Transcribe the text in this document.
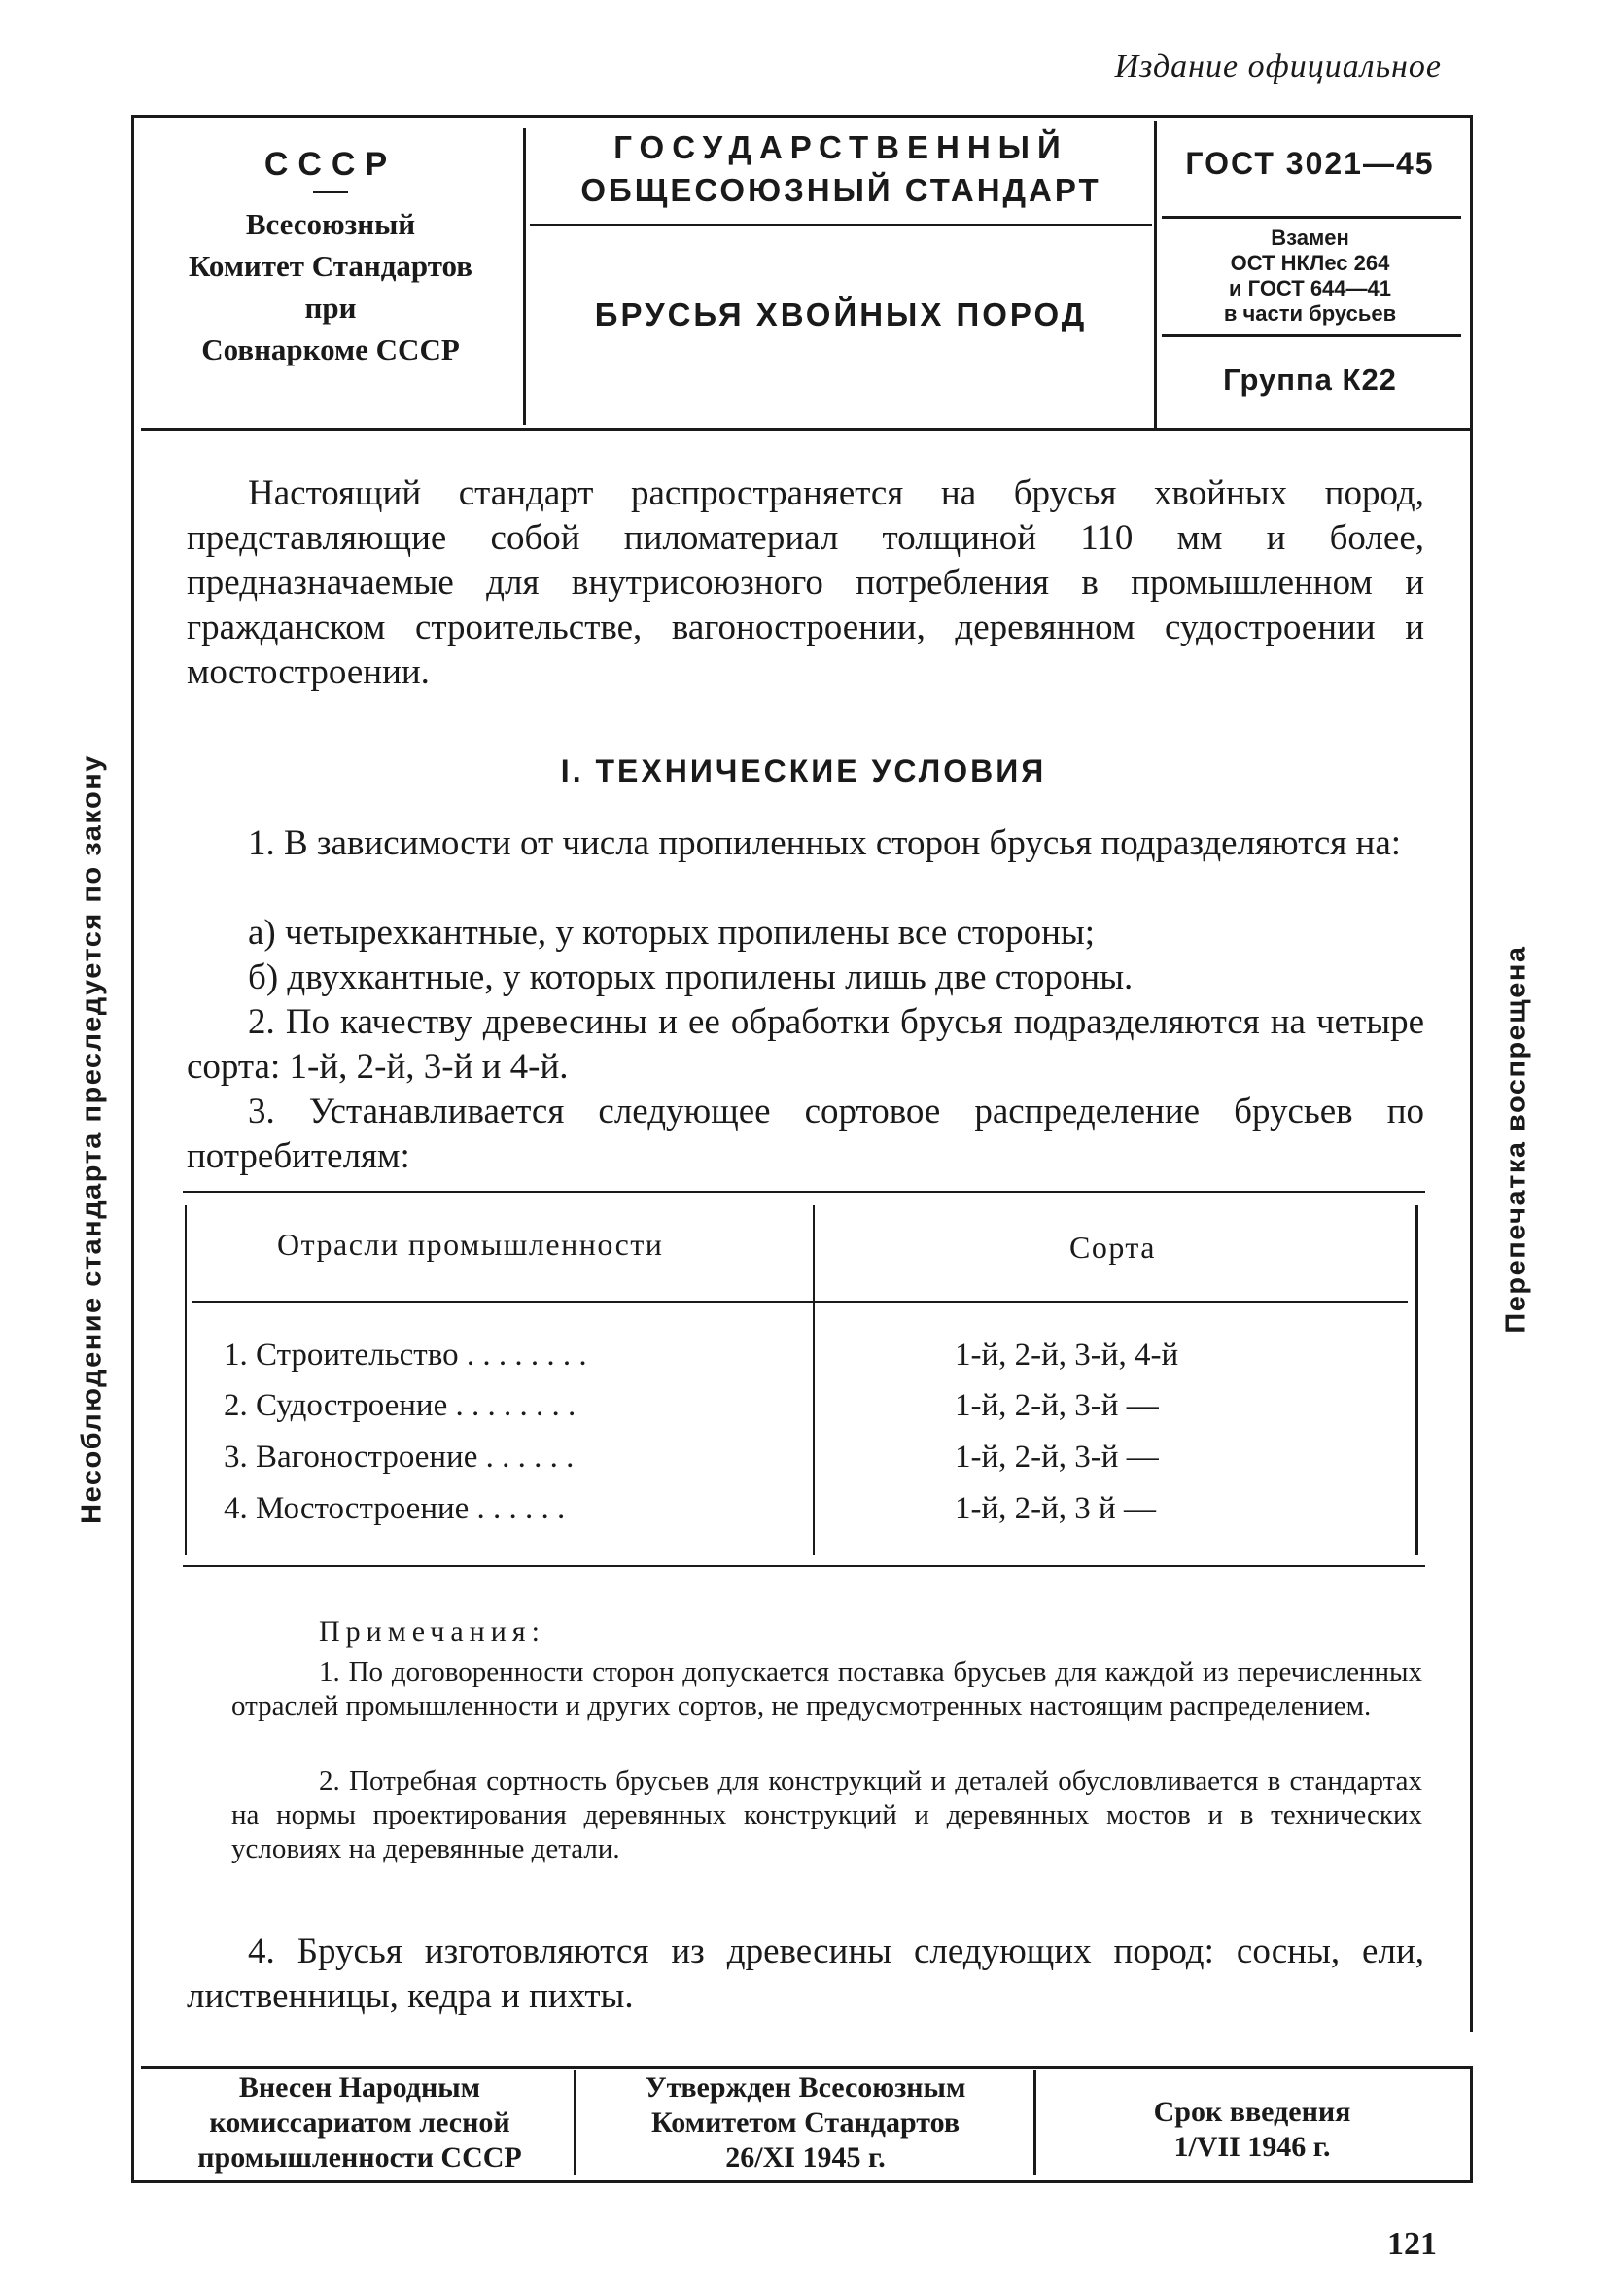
Издание официальное
СССР
Всесоюзный
Комитет Стандартов
при
Совнаркоме СССР
ГОСУДАРСТВЕННЫЙ
ОБЩЕСОЮЗНЫЙ СТАНДАРТ
БРУСЬЯ ХВОЙНЫХ ПОРОД
ГОСТ 3021—45
Взамен
ОСТ НКЛес 264
и ГОСТ 644—41
в части брусьев
Группа К22
Настоящий стандарт распространяется на брусья хвойных пород, представляющие собой пиломатериал толщиной 110 мм и более, предназначаемые для внутрисоюзного потребления в промышленном и гражданском строительстве, вагоностроении, деревянном судостроении и мостостроении.
I. ТЕХНИЧЕСКИЕ УСЛОВИЯ
1. В зависимости от числа пропиленных сторон брусья подразделяются на:
а) четырехкантные, у которых пропилены все стороны;
б) двухкантные, у которых пропилены лишь две стороны.
2. По качеству древесины и ее обработки брусья подразделяются на четыре сорта: 1-й, 2-й, 3-й и 4-й.
3. Устанавливается следующее сортовое распределение брусьев по потребителям:
Отрасли промышленности	Сорта
1. Строительство . . . . . . . .	1-й, 2-й, 3-й, 4-й
2. Судостроение . . . . . . . .	1-й, 2-й, 3-й —
3. Вагоностроение . . . . . .	1-й, 2-й, 3-й —
4. Мостостроение . . . . . .	1-й, 2-й, 3 й —
Примечания:
1. По договоренности сторон допускается поставка брусьев для каждой из перечисленных отраслей промышленности и других сортов, не предусмотренных настоящим распределением.
2. Потребная сортность брусьев для конструкций и деталей обусловливается в стандартах на нормы проектирования деревянных конструкций и деревянных мостов и в технических условиях на деревянные детали.
4. Брусья изготовляются из древесины следующих пород: сосны, ели, лиственницы, кедра и пихты.
Внесен Народным
комиссариатом лесной
промышленности СССР
Утвержден Всесоюзным
Комитетом Стандартов
26/XI 1945 г.
Срок введения
1/VII 1946 г.
Несоблюдение стандарта преследуется по закону	Перепечатка воспрещена
121
